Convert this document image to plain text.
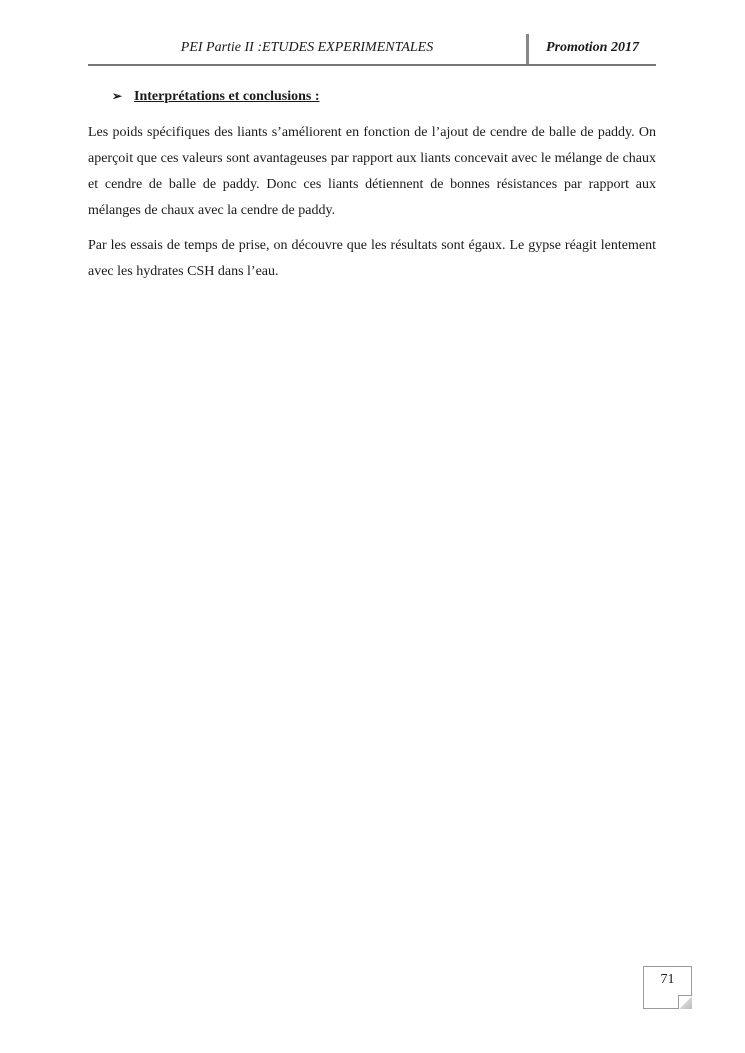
PEI Partie II :ETUDES EXPERIMENTALES	Promotion 2017
➢ Interprétations et conclusions :

Les poids spécifiques des liants s’améliorent en fonction de l’ajout de cendre de balle de paddy. On aperçoit que ces valeurs sont avantageuses par rapport aux liants concevait avec le mélange de chaux et cendre de balle de paddy. Donc ces liants détiennent de bonnes résistances par rapport aux mélanges de chaux avec la cendre de paddy.

Par les essais de temps de prise, on découvre que les résultats sont égaux. Le gypse réagit lentement avec les hydrates CSH dans l’eau.

71
